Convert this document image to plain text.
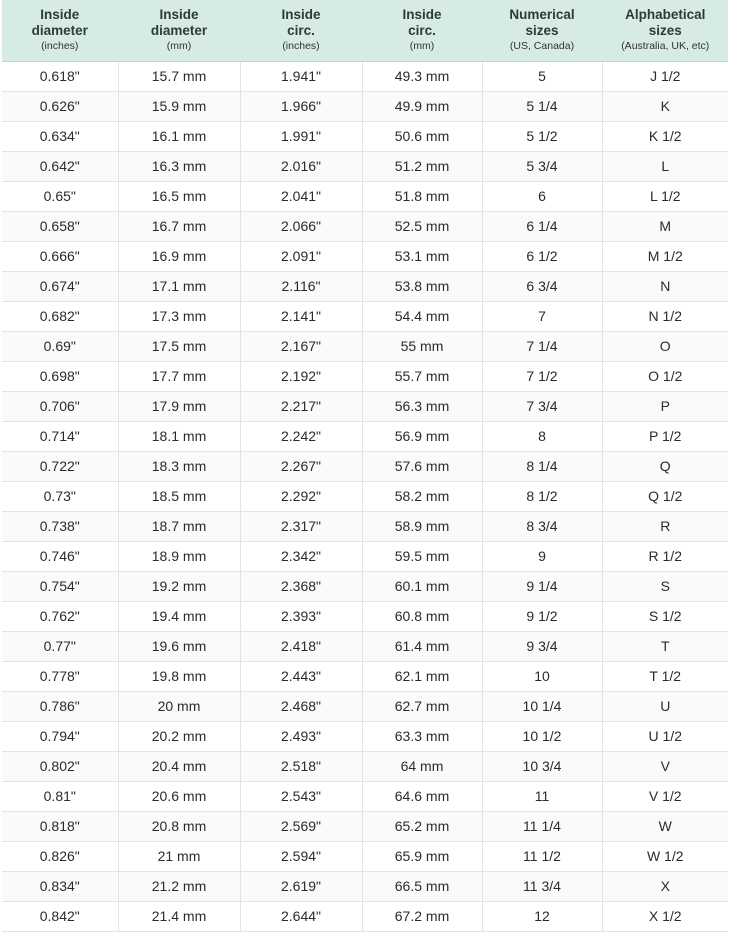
Inside
diameter
(inches)	Inside
diameter
(mm)	Inside
circ.
(inches)	Inside
circ.
(mm)	Numerical
sizes
(US, Canada)	Alphabetical
sizes
(Australia, UK, etc)

0.618"	15.7 mm	1.941"	49.3 mm	5	J 1/2
0.626"	15.9 mm	1.966"	49.9 mm	5 1/4	K
0.634"	16.1 mm	1.991"	50.6 mm	5 1/2	K 1/2
0.642"	16.3 mm	2.016"	51.2 mm	5 3/4	L
0.65"	16.5 mm	2.041"	51.8 mm	6	L 1/2
0.658"	16.7 mm	2.066"	52.5 mm	6 1/4	M
0.666"	16.9 mm	2.091"	53.1 mm	6 1/2	M 1/2
0.674"	17.1 mm	2.116"	53.8 mm	6 3/4	N
0.682"	17.3 mm	2.141"	54.4 mm	7	N 1/2
0.69"	17.5 mm	2.167"	55 mm	7 1/4	O
0.698"	17.7 mm	2.192"	55.7 mm	7 1/2	O 1/2
0.706"	17.9 mm	2.217"	56.3 mm	7 3/4	P
0.714"	18.1 mm	2.242"	56.9 mm	8	P 1/2
0.722"	18.3 mm	2.267"	57.6 mm	8 1/4	Q
0.73"	18.5 mm	2.292"	58.2 mm	8 1/2	Q 1/2
0.738"	18.7 mm	2.317"	58.9 mm	8 3/4	R
0.746"	18.9 mm	2.342"	59.5 mm	9	R 1/2
0.754"	19.2 mm	2.368"	60.1 mm	9 1/4	S
0.762"	19.4 mm	2.393"	60.8 mm	9 1/2	S 1/2
0.77"	19.6 mm	2.418"	61.4 mm	9 3/4	T
0.778"	19.8 mm	2.443"	62.1 mm	10	T 1/2
0.786"	20 mm	2.468"	62.7 mm	10 1/4	U
0.794"	20.2 mm	2.493"	63.3 mm	10 1/2	U 1/2
0.802"	20.4 mm	2.518"	64 mm	10 3/4	V
0.81"	20.6 mm	2.543"	64.6 mm	11	V 1/2
0.818"	20.8 mm	2.569"	65.2 mm	11 1/4	W
0.826"	21 mm	2.594"	65.9 mm	11 1/2	W 1/2
0.834"	21.2 mm	2.619"	66.5 mm	11 3/4	X
0.842"	21.4 mm	2.644"	67.2 mm	12	X 1/2
